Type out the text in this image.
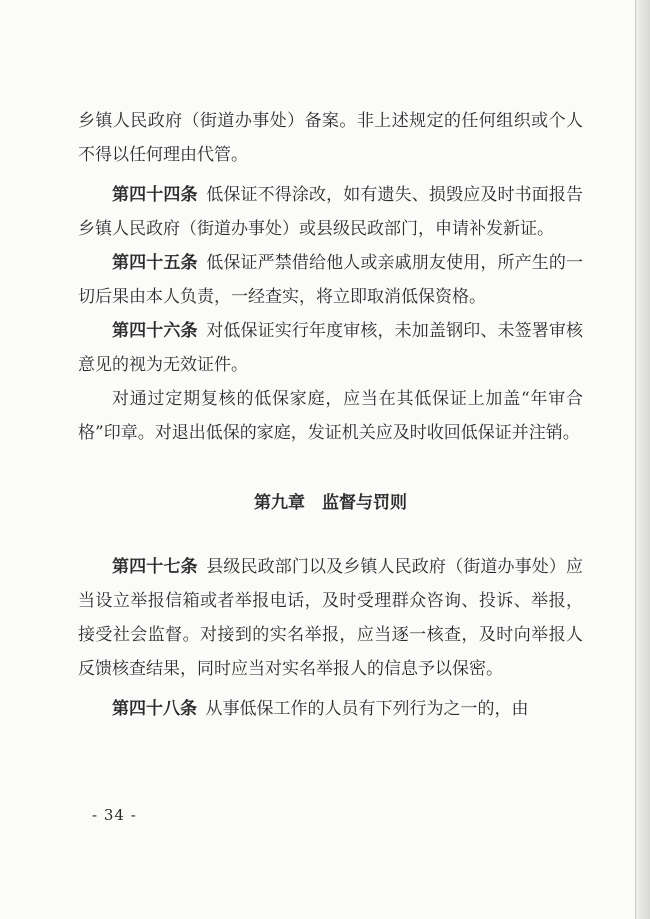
乡镇人民政府（街道办事处）备案。非上述规定的任何组织或个人不得以任何理由代管。

第四十四条 低保证不得涂改，如有遗失、损毁应及时书面报告乡镇人民政府（街道办事处）或县级民政部门，申请补发新证。

第四十五条 低保证严禁借给他人或亲戚朋友使用，所产生的一切后果由本人负责，一经查实，将立即取消低保资格。

第四十六条 对低保证实行年度审核，未加盖钢印、未签署审核意见的视为无效证件。

对通过定期复核的低保家庭，应当在其低保证上加盖“年审合格”印章。对退出低保的家庭，发证机关应及时收回低保证并注销。

第九章　监督与罚则

第四十七条 县级民政部门以及乡镇人民政府（街道办事处）应当设立举报信箱或者举报电话，及时受理群众咨询、投诉、举报，接受社会监督。对接到的实名举报，应当逐一核查，及时向举报人反馈核查结果，同时应当对实名举报人的信息予以保密。

第四十八条 从事低保工作的人员有下列行为之一的，由

- 34 -
